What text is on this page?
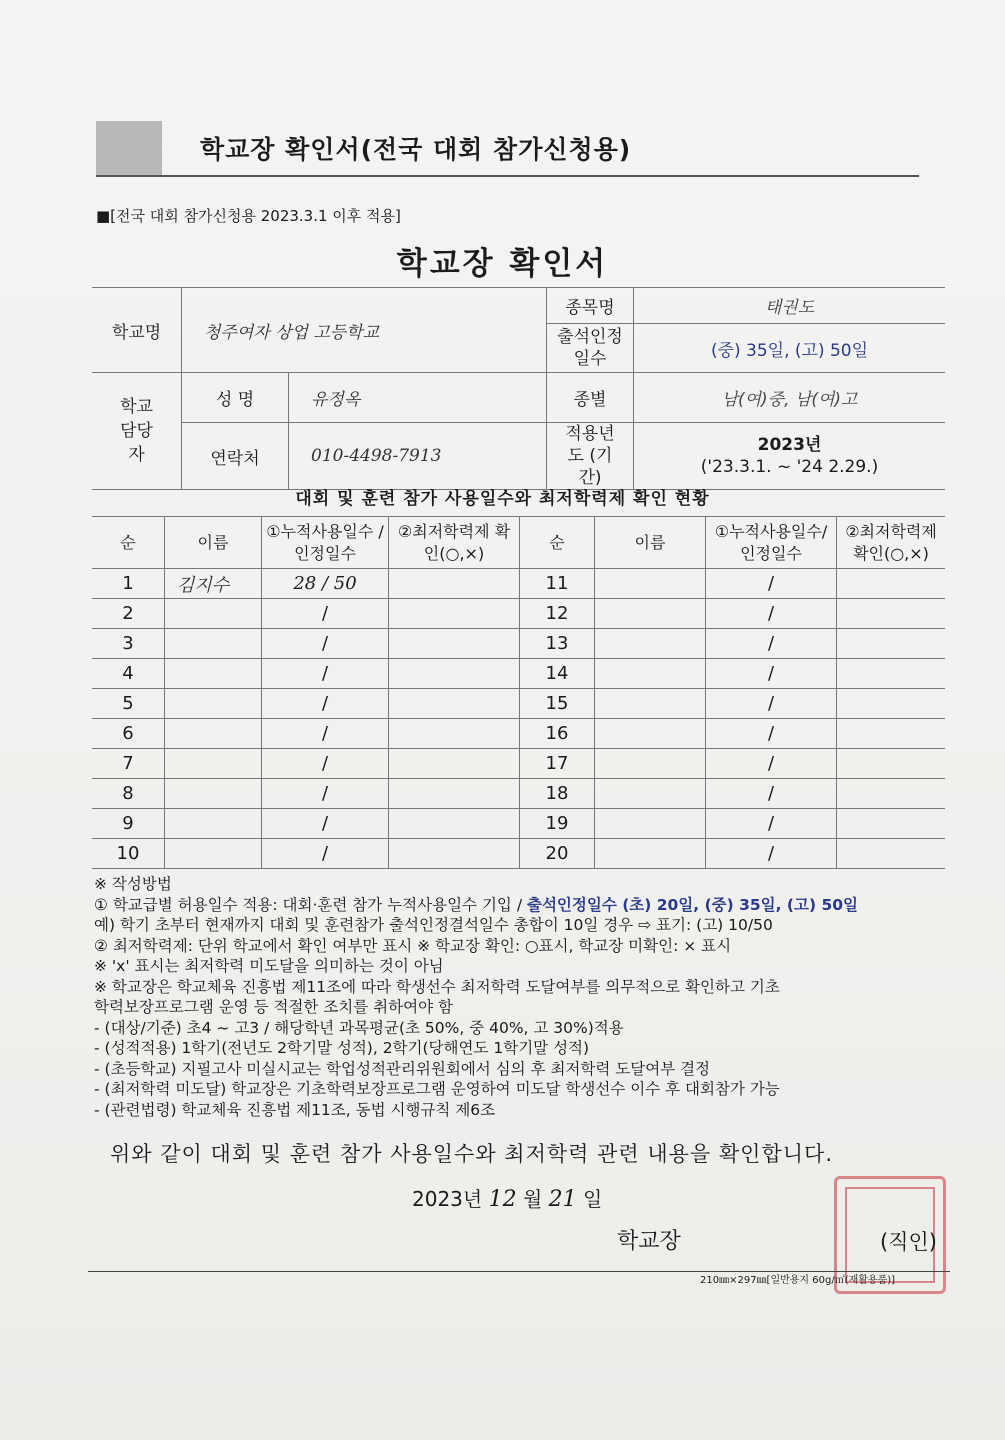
학교장 확인서(전국 대회 참가신청용)
■[전국 대회 참가신청용 2023.3.1 이후 적용]
학교장 확인서
학교명	청주여자 상업 고등학교		종목명	태권도
			출석인정 일수	(중) 35일, (고) 50일
학교 담당자	성 명	유정옥	종별	남(여)중, 남(여)고
	연락처	010-4498-7913	적용년도 (기간)	2023년
('23.3.1. ~ '24 2.29.)
대회 및 훈련 참가 사용일수와 최저학력제 확인 현황
순	이름	①누적사용일수 /인정일수	②최저학력제 확인(○,×)	순	이름	①누적사용일수/ 인정일수	②최저학력제 확인(○,×)
1	김지수	28 / 50		11		/	
2		/		12		/	
3		/		13		/	
4		/		14		/	
5		/		15		/	
6		/		16		/	
7		/		17		/	
8		/		18		/	
9		/		19		/	
10		/		20		/	
※ 작성방법
① 학교급별 허용일수 적용: 대회·훈련 참가 누적사용일수 기입 / 출석인정일수 (초) 20일, (중) 35일, (고) 50일
예) 학기 초부터 현재까지 대회 및 훈련참가 출석인정결석일수 총합이 10일 경우 ⇨ 표기: (고) 10/50
② 최저학력제: 단위 학교에서 확인 여부만 표시 ※ 학교장 확인: ○표시, 학교장 미확인: × 표시
※ 'x' 표시는 최저학력 미도달을 의미하는 것이 아님
※ 학교장은 학교체육 진흥법 제11조에 따라 학생선수 최저학력 도달여부를 의무적으로 확인하고 기초
학력보장프로그램 운영 등 적절한 조치를 취하여야 함
- (대상/기준) 초4 ~ 고3 / 해당학년 과목평균(초 50%, 중 40%, 고 30%)적용
- (성적적용) 1학기(전년도 2학기말 성적), 2학기(당해연도 1학기말 성적)
- (초등학교) 지필고사 미실시교는 학업성적관리위원회에서 심의 후 최저학력 도달여부 결정
- (최저학력 미도달) 학교장은 기초학력보장프로그램 운영하여 미도달 학생선수 이수 후 대회참가 가능
- (관련법령) 학교체육 진흥법 제11조, 동법 시행규칙 제6조
위와 같이 대회 및 훈련 참가 사용일수와 최저학력 관련 내용을 확인합니다.
2023년 12 월 21 일
학교장	(직인)
210㎜×297㎜[일반용지 60g/㎡(재활용품)]
